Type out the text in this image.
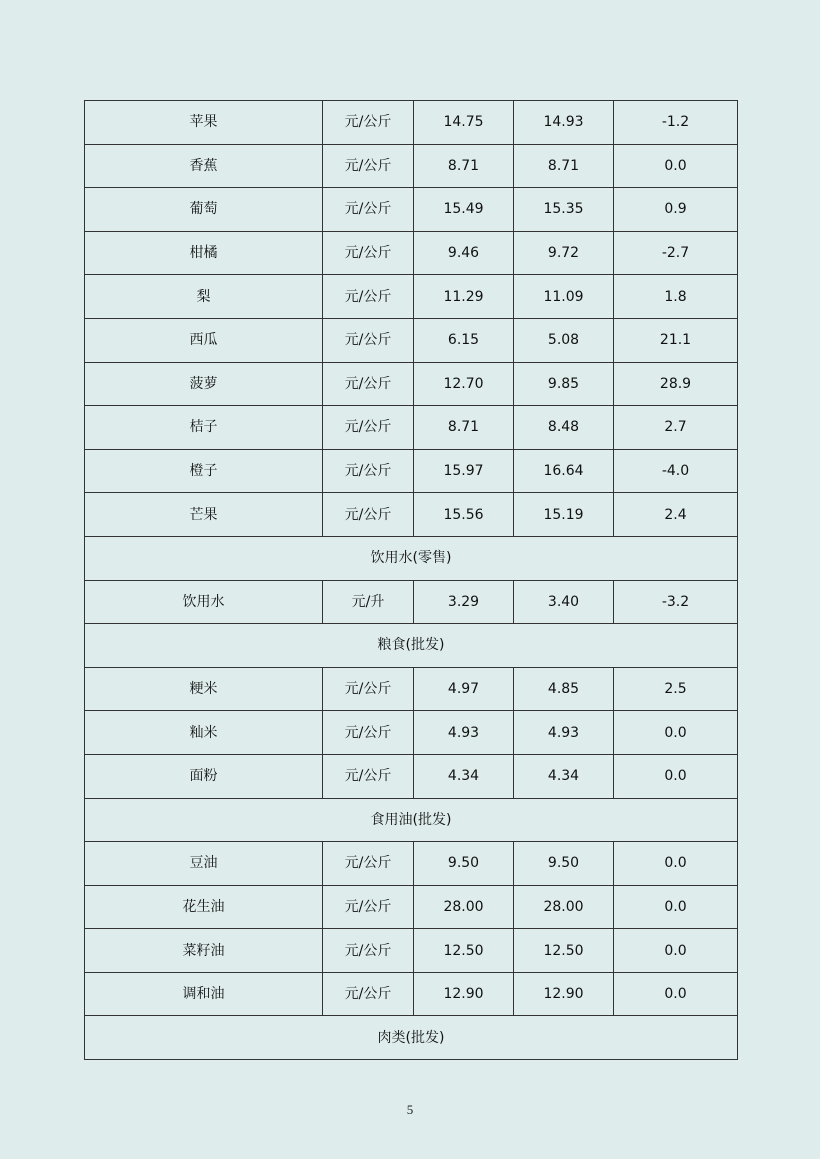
苹果	元/公斤	14.75	14.93	-1.2
香蕉	元/公斤	8.71	8.71	0.0
葡萄	元/公斤	15.49	15.35	0.9
柑橘	元/公斤	9.46	9.72	-2.7
梨	元/公斤	11.29	11.09	1.8
西瓜	元/公斤	6.15	5.08	21.1
菠萝	元/公斤	12.70	9.85	28.9
桔子	元/公斤	8.71	8.48	2.7
橙子	元/公斤	15.97	16.64	-4.0
芒果	元/公斤	15.56	15.19	2.4
饮用水(零售)				
饮用水	元/升	3.29	3.40	-3.2
粮食(批发)				
粳米	元/公斤	4.97	4.85	2.5
籼米	元/公斤	4.93	4.93	0.0
面粉	元/公斤	4.34	4.34	0.0
食用油(批发)				
豆油	元/公斤	9.50	9.50	0.0
花生油	元/公斤	28.00	28.00	0.0
菜籽油	元/公斤	12.50	12.50	0.0
调和油	元/公斤	12.90	12.90	0.0
肉类(批发)				
5
